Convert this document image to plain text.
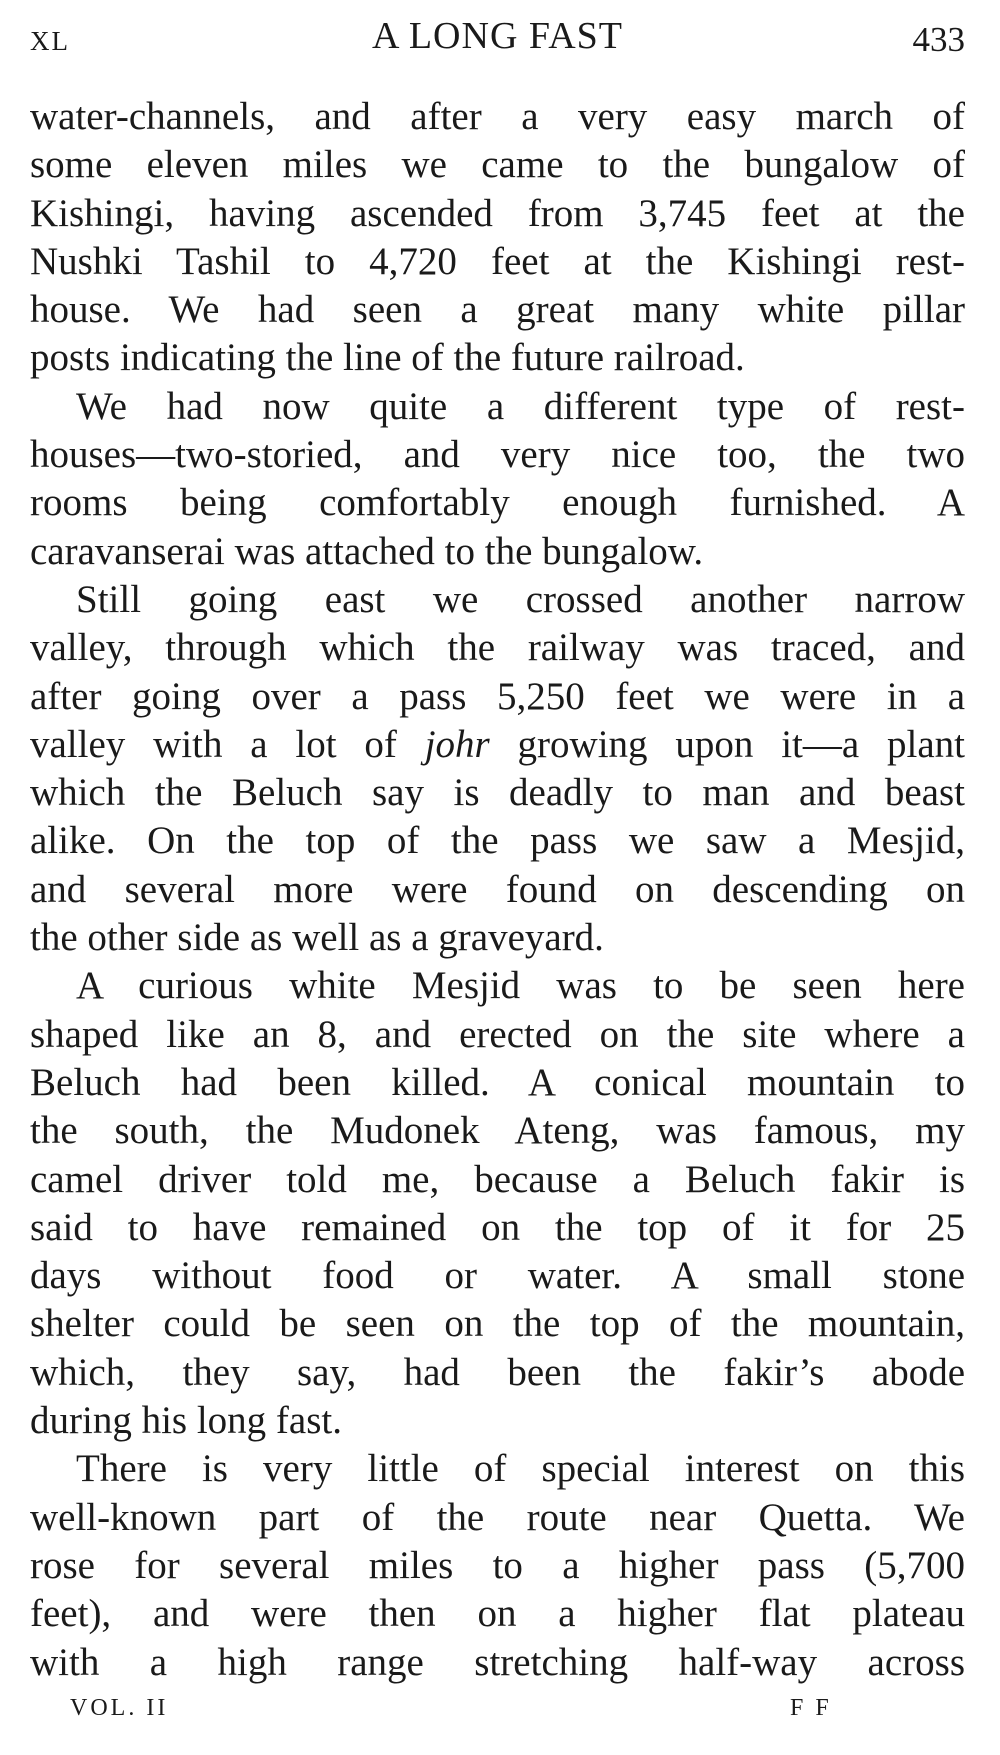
XL	A LONG FAST	433
water-channels, and after a very easy march of
some eleven miles we came to the bungalow of
Kishingi, having ascended from 3,745 feet at the
Nushki Tashil to 4,720 feet at the Kishingi rest-
house. We had seen a great many white pillar
posts indicating the line of the future railroad.
We had now quite a different type of rest-
houses—two-storied, and very nice too, the two
rooms being comfortably enough furnished. A
caravanserai was attached to the bungalow.
Still going east we crossed another narrow
valley, through which the railway was traced, and
after going over a pass 5,250 feet we were in a
valley with a lot of johr growing upon it—a plant
which the Beluch say is deadly to man and beast
alike. On the top of the pass we saw a Mesjid,
and several more were found on descending on
the other side as well as a graveyard.
A curious white Mesjid was to be seen here
shaped like an 8, and erected on the site where a
Beluch had been killed. A conical mountain to
the south, the Mudonek Ateng, was famous, my
camel driver told me, because a Beluch fakir is
said to have remained on the top of it for 25
days without food or water. A small stone
shelter could be seen on the top of the mountain,
which, they say, had been the fakir’s abode
during his long fast.
There is very little of special interest on this
well-known part of the route near Quetta. We
rose for several miles to a higher pass (5,700
feet), and were then on a higher flat plateau
with a high range stretching half-way across
VOL. II	F F
